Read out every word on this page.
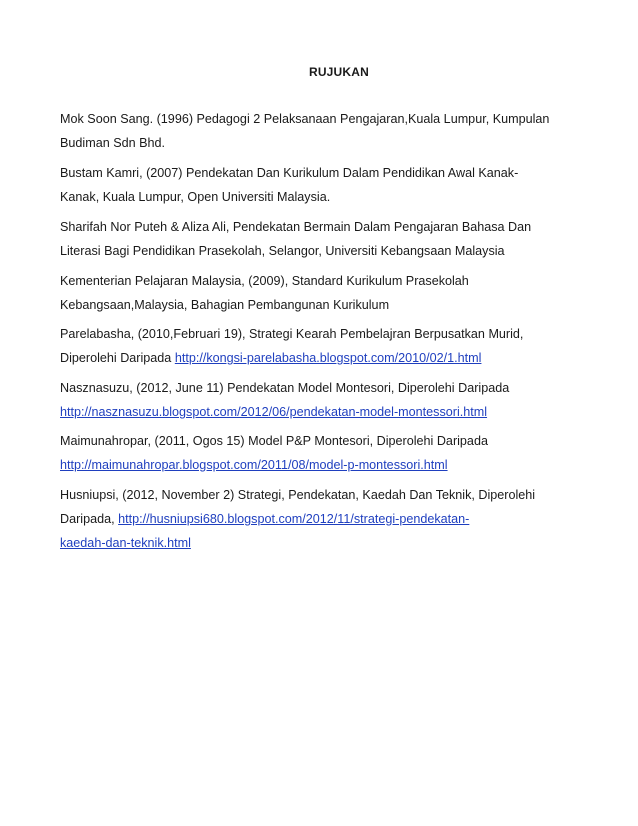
RUJUKAN
Mok Soon Sang. (1996) Pedagogi 2 Pelaksanaan Pengajaran,Kuala Lumpur, Kumpulan
Budiman Sdn Bhd.
Bustam Kamri, (2007) Pendekatan Dan Kurikulum Dalam Pendidikan Awal Kanak-
Kanak, Kuala Lumpur, Open Universiti Malaysia.
Sharifah Nor Puteh & Aliza Ali, Pendekatan Bermain Dalam Pengajaran Bahasa Dan
Literasi Bagi Pendidikan Prasekolah, Selangor, Universiti Kebangsaan Malaysia
Kementerian Pelajaran Malaysia, (2009), Standard Kurikulum Prasekolah
Kebangsaan,Malaysia, Bahagian Pembangunan Kurikulum
Parelabasha, (2010,Februari 19), Strategi Kearah Pembelajran Berpusatkan Murid,
Diperolehi Daripada http://kongsi-parelabasha.blogspot.com/2010/02/1.html
Nasznasuzu, (2012, June 11) Pendekatan Model Montesori, Diperolehi Daripada
http://nasznasuzu.blogspot.com/2012/06/pendekatan-model-montessori.html
Maimunahropar, (2011, Ogos 15) Model P&P Montesori, Diperolehi Daripada
http://maimunahropar.blogspot.com/2011/08/model-p-montessori.html
Husniupsi, (2012, November 2) Strategi, Pendekatan, Kaedah Dan Teknik, Diperolehi
Daripada, http://husniupsi680.blogspot.com/2012/11/strategi-pendekatan-
kaedah-dan-teknik.html
